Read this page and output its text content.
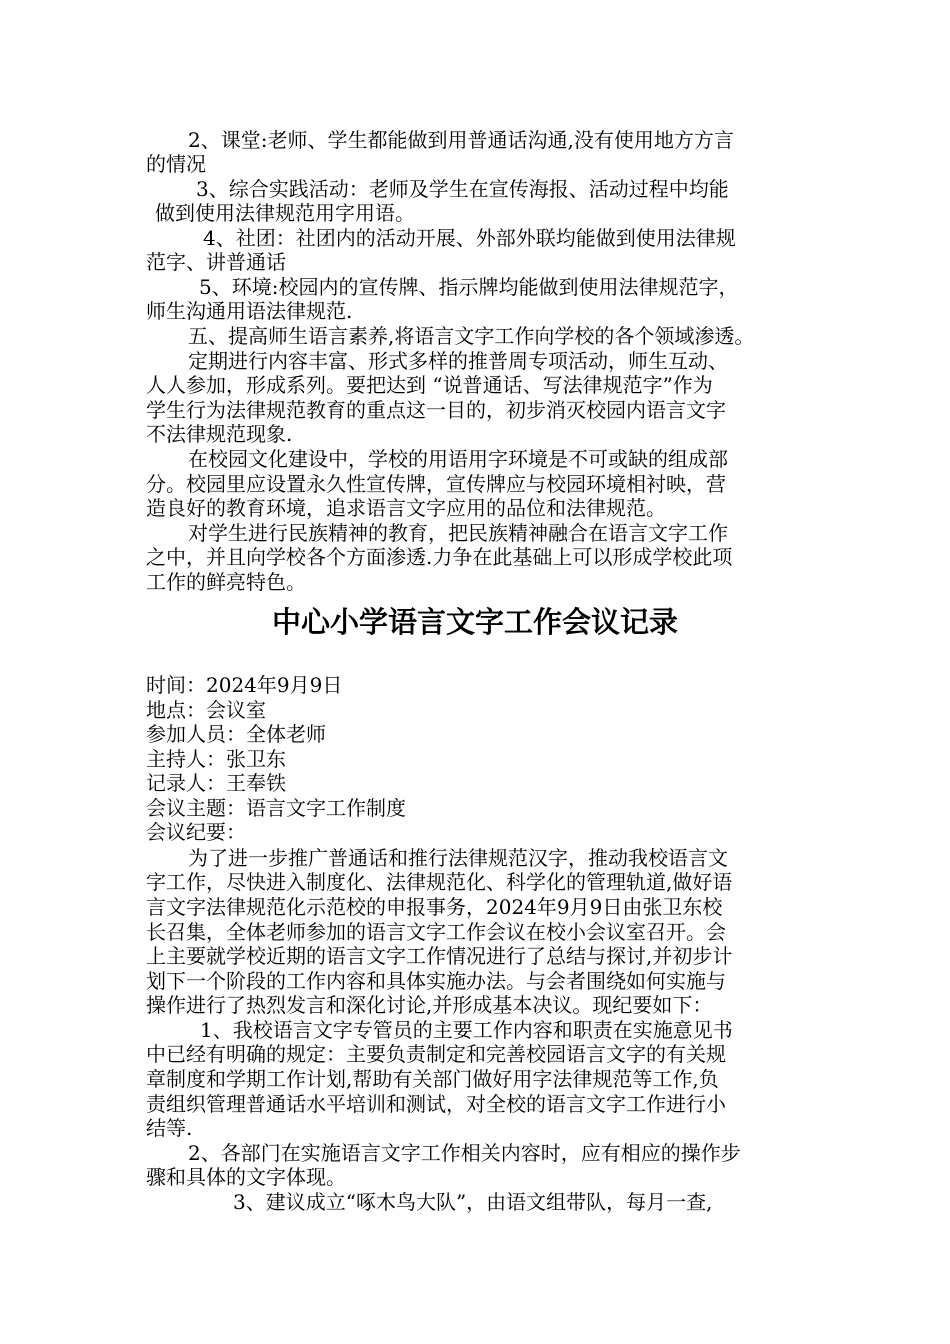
2、课堂:老师、学生都能做到用普通话沟通,没有使用地方方言
的情况
3、综合实践活动：老师及学生在宣传海报、活动过程中均能
做到使用法律规范用字用语。
4、社团：社团内的活动开展、外部外联均能做到使用法律规
范字、讲普通话
5、环境:校园内的宣传牌、指示牌均能做到使用法律规范字，
师生沟通用语法律规范.
五、提高师生语言素养,将语言文字工作向学校的各个领域渗透。
定期进行内容丰富、形式多样的推普周专项活动，师生互动、
人人参加，形成系列。要把达到 “说普通话、写法律规范字”作为
学生行为法律规范教育的重点这一目的，初步消灭校园内语言文字
不法律规范现象.
在校园文化建设中，学校的用语用字环境是不可或缺的组成部
分。校园里应设置永久性宣传牌，宣传牌应与校园环境相衬映，营
造良好的教育环境，追求语言文字应用的品位和法律规范。
对学生进行民族精神的教育，把民族精神融合在语言文字工作
之中，并且向学校各个方面渗透.力争在此基础上可以形成学校此项
工作的鲜亮特色。
中心小学语言文字工作会议记录
时间：2024年9月9日
地点：会议室
参加人员：全体老师
主持人：张卫东
记录人：王奉铁
会议主题：语言文字工作制度
会议纪要：
为了进一步推广普通话和推行法律规范汉字，推动我校语言文
字工作，尽快进入制度化、法律规范化、科学化的管理轨道,做好语
言文字法律规范化示范校的申报事务，2024年9月9日由张卫东校
长召集，全体老师参加的语言文字工作会议在校小会议室召开。会
上主要就学校近期的语言文字工作情况进行了总结与探讨,并初步计
划下一个阶段的工作内容和具体实施办法。与会者围绕如何实施与
操作进行了热烈发言和深化讨论,并形成基本决议。现纪要如下：
1、我校语言文字专管员的主要工作内容和职责在实施意见书
中已经有明确的规定：主要负责制定和完善校园语言文字的有关规
章制度和学期工作计划,帮助有关部门做好用字法律规范等工作,负
责组织管理普通话水平培训和测试，对全校的语言文字工作进行小
结等.
2、各部门在实施语言文字工作相关内容时，应有相应的操作步
骤和具体的文字体现。
3、建议成立“啄木鸟大队”，由语文组带队，每月一查,
